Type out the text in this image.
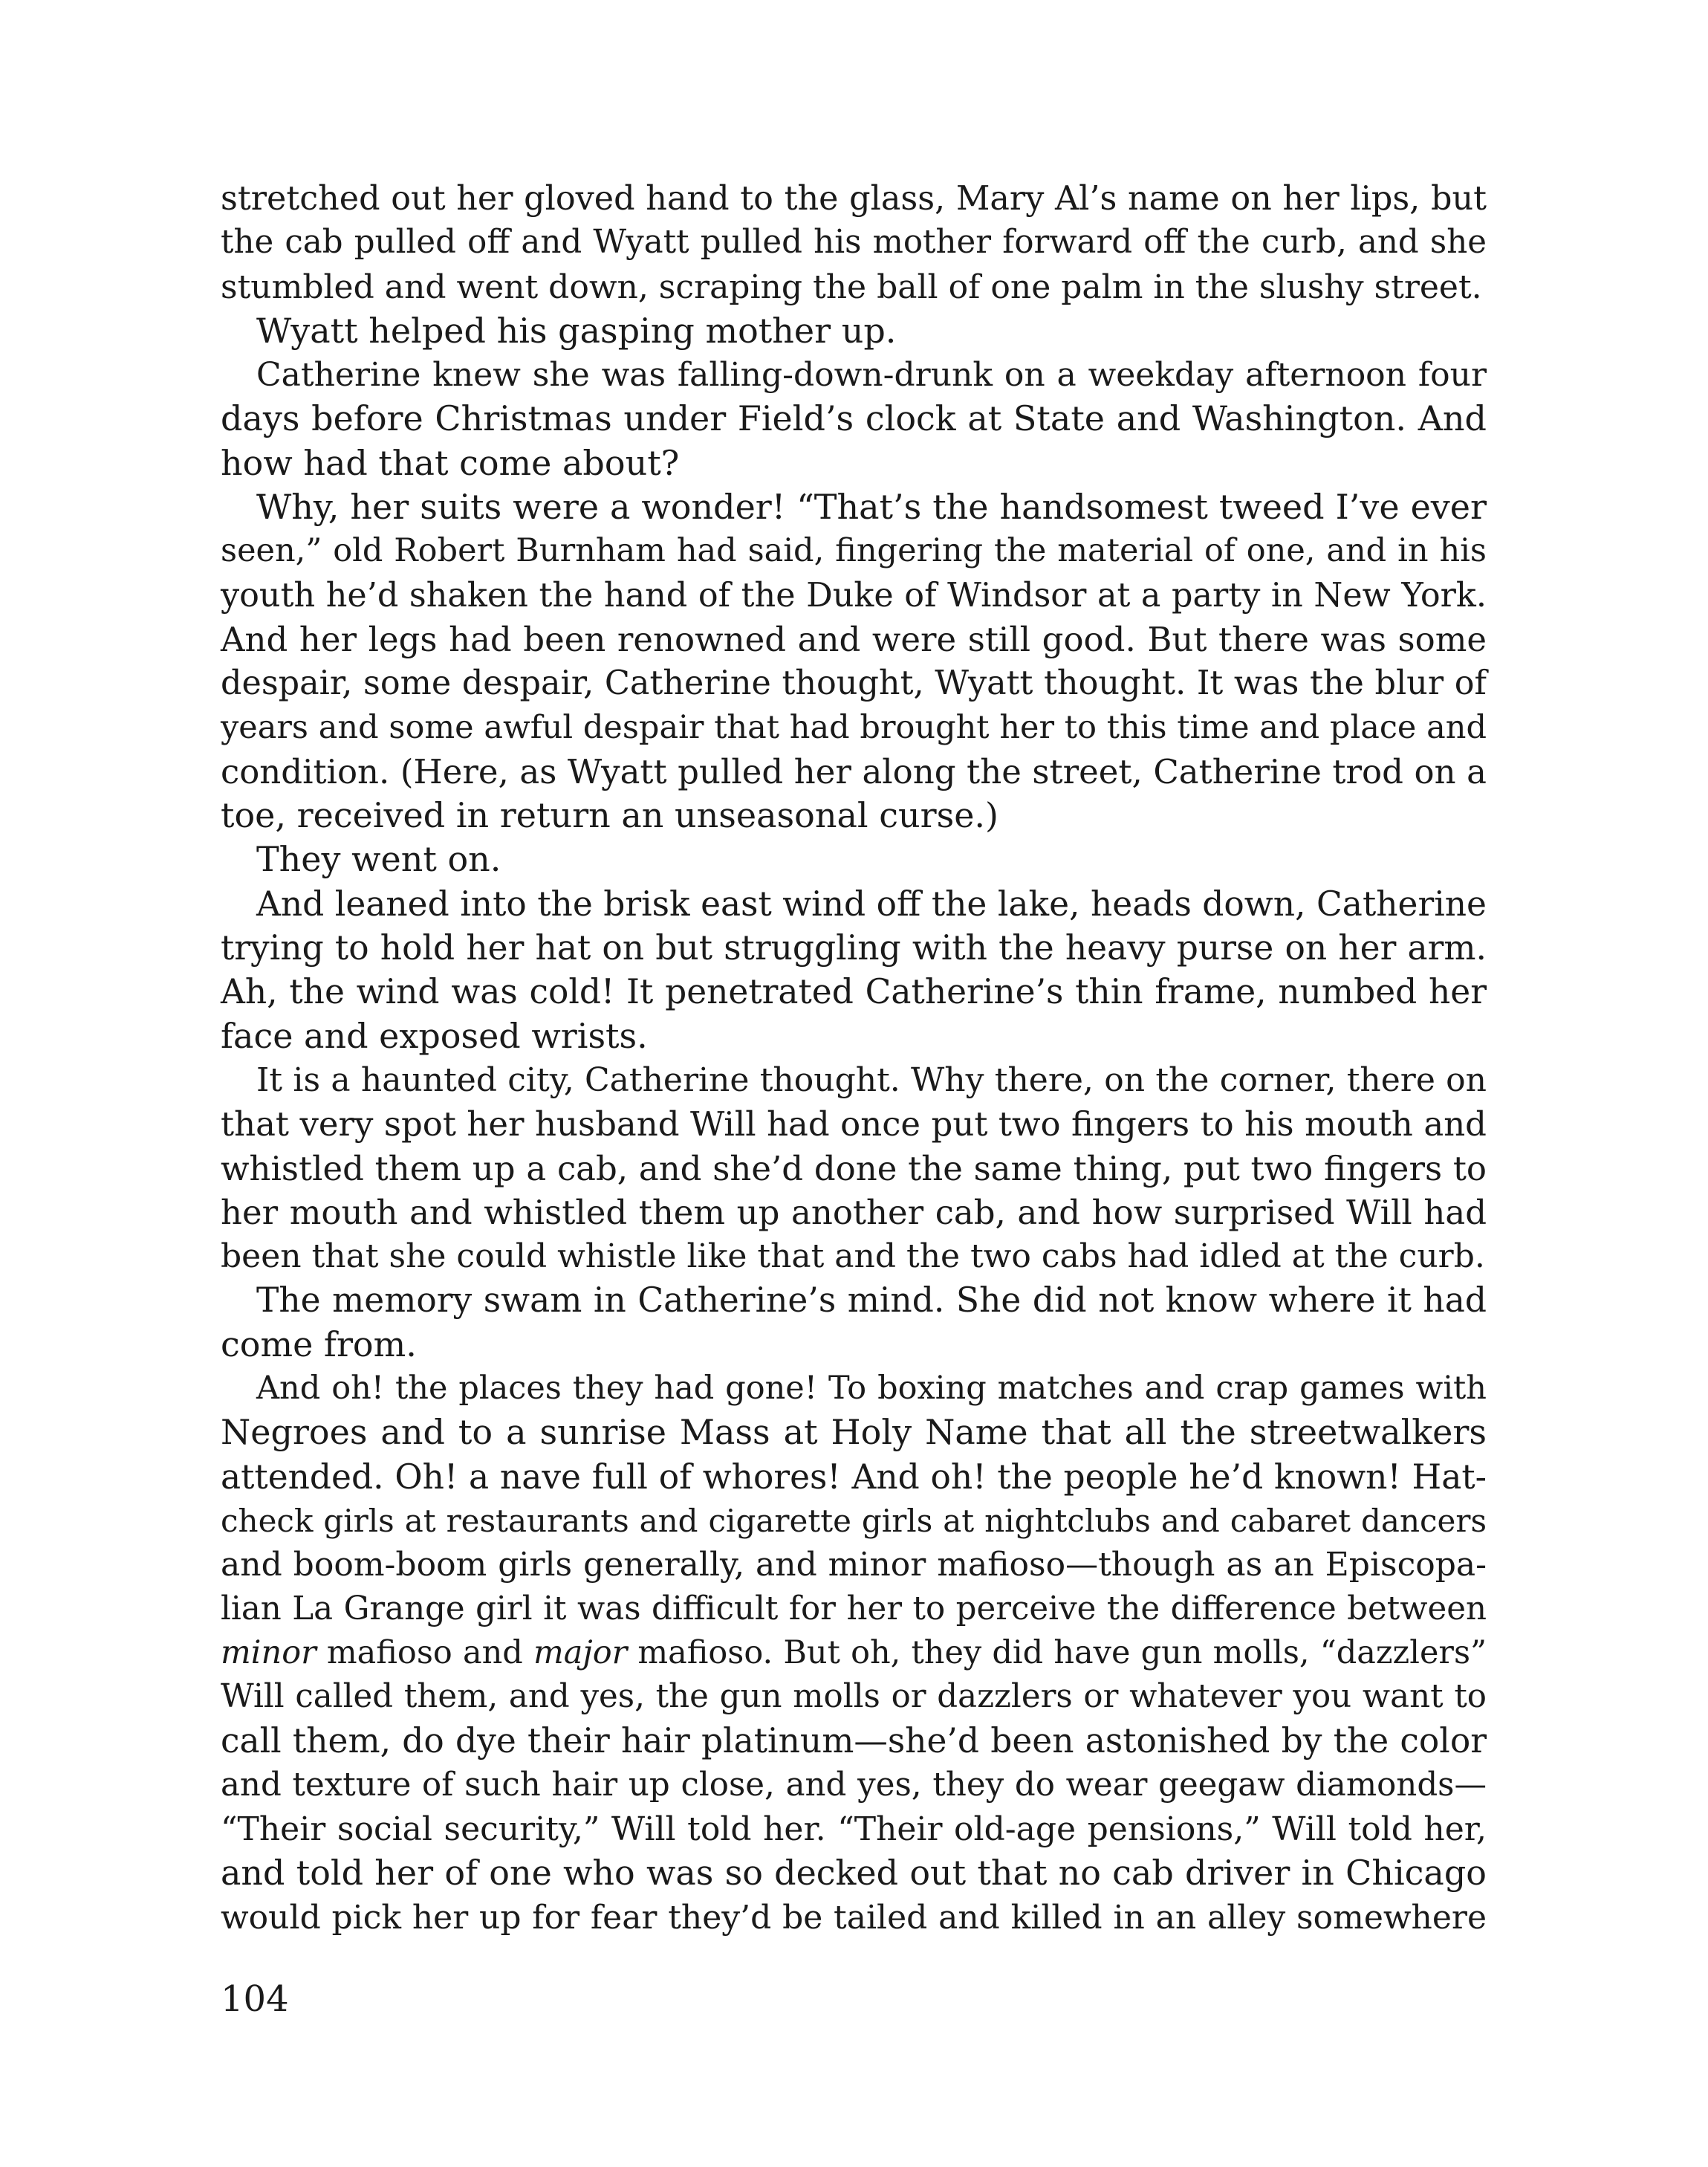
stretched out her gloved hand to the glass, Mary Al’s name on her lips, but
the cab pulled off and Wyatt pulled his mother forward off the curb, and she
stumbled and went down, scraping the ball of one palm in the slushy street.
Wyatt helped his gasping mother up.
Catherine knew she was falling-down-drunk on a weekday afternoon four
days before Christmas under Field’s clock at State and Washington. And
how had that come about?
Why, her suits were a wonder! “That’s the handsomest tweed I’ve ever
seen,” old Robert Burnham had said, fingering the material of one, and in his
youth he’d shaken the hand of the Duke of Windsor at a party in New York.
And her legs had been renowned and were still good. But there was some
despair, some despair, Catherine thought, Wyatt thought. It was the blur of
years and some awful despair that had brought her to this time and place and
condition. (Here, as Wyatt pulled her along the street, Catherine trod on a
toe, received in return an unseasonal curse.)
They went on.
And leaned into the brisk east wind off the lake, heads down, Catherine
trying to hold her hat on but struggling with the heavy purse on her arm.
Ah, the wind was cold! It penetrated Catherine’s thin frame, numbed her
face and exposed wrists.
It is a haunted city, Catherine thought. Why there, on the corner, there on
that very spot her husband Will had once put two fingers to his mouth and
whistled them up a cab, and she’d done the same thing, put two fingers to
her mouth and whistled them up another cab, and how surprised Will had
been that she could whistle like that and the two cabs had idled at the curb.
The memory swam in Catherine’s mind. She did not know where it had
come from.
And oh! the places they had gone! To boxing matches and crap games with
Negroes and to a sunrise Mass at Holy Name that all the streetwalkers
attended. Oh! a nave full of whores! And oh! the people he’d known! Hat-
check girls at restaurants and cigarette girls at nightclubs and cabaret dancers
and boom-boom girls generally, and minor mafioso—though as an Episcopa-
lian La Grange girl it was difficult for her to perceive the difference between
minor mafioso and major mafioso. But oh, they did have gun molls, “dazzlers”
Will called them, and yes, the gun molls or dazzlers or whatever you want to
call them, do dye their hair platinum—she’d been astonished by the color
and texture of such hair up close, and yes, they do wear geegaw diamonds—
“Their social security,” Will told her. “Their old-age pensions,” Will told her,
and told her of one who was so decked out that no cab driver in Chicago
would pick her up for fear they’d be tailed and killed in an alley somewhere
104
